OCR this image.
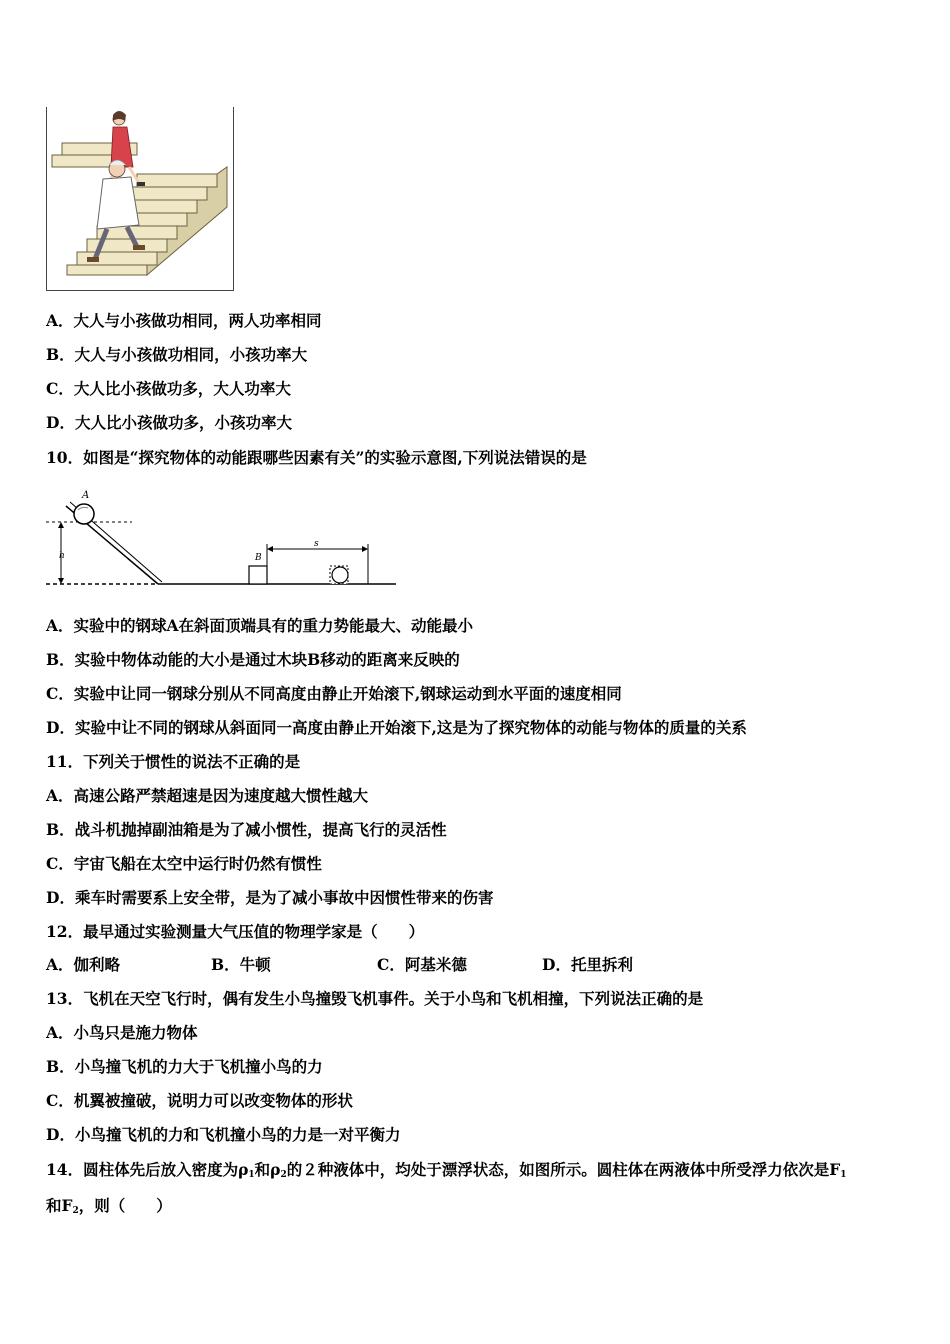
A．大人与小孩做功相同，两人功率相同
B．大人与小孩做功相同，小孩功率大
C．大人比小孩做功多，大人功率大
D．大人比小孩做功多，小孩功率大
10．如图是“探究物体的动能跟哪些因素有关”的实验示意图,下列说法错误的是
A
h	B
s
A．实验中的钢球A在斜面顶端具有的重力势能最大、动能最小
B．实验中物体动能的大小是通过木块B移动的距离来反映的
C．实验中让同一钢球分别从不同高度由静止开始滚下,钢球运动到水平面的速度相同
D．实验中让不同的钢球从斜面同一高度由静止开始滚下,这是为了探究物体的动能与物体的质量的关系
11．下列关于惯性的说法不正确的是
A．高速公路严禁超速是因为速度越大惯性越大
B．战斗机抛掉副油箱是为了减小惯性，提高飞行的灵活性
C．宇宙飞船在太空中运行时仍然有惯性
D．乘车时需要系上安全带，是为了减小事故中因惯性带来的伤害
12．最早通过实验测量大气压值的物理学家是（　　）
A．伽利略	B．牛顿	C．阿基米德	D．托里拆利
13．飞机在天空飞行时，偶有发生小鸟撞毁飞机事件。关于小鸟和飞机相撞，下列说法正确的是
A．小鸟只是施力物体
B．小鸟撞飞机的力大于飞机撞小鸟的力
C．机翼被撞破，说明力可以改变物体的形状
D．小鸟撞飞机的力和飞机撞小鸟的力是一对平衡力
14．圆柱体先后放入密度为$\rho_1$和$\rho_2$的２种液体中，均处于漂浮状态，如图所示。圆柱体在两液体中所受浮力依次是$F_1$
和$F_2$，则（　　）
